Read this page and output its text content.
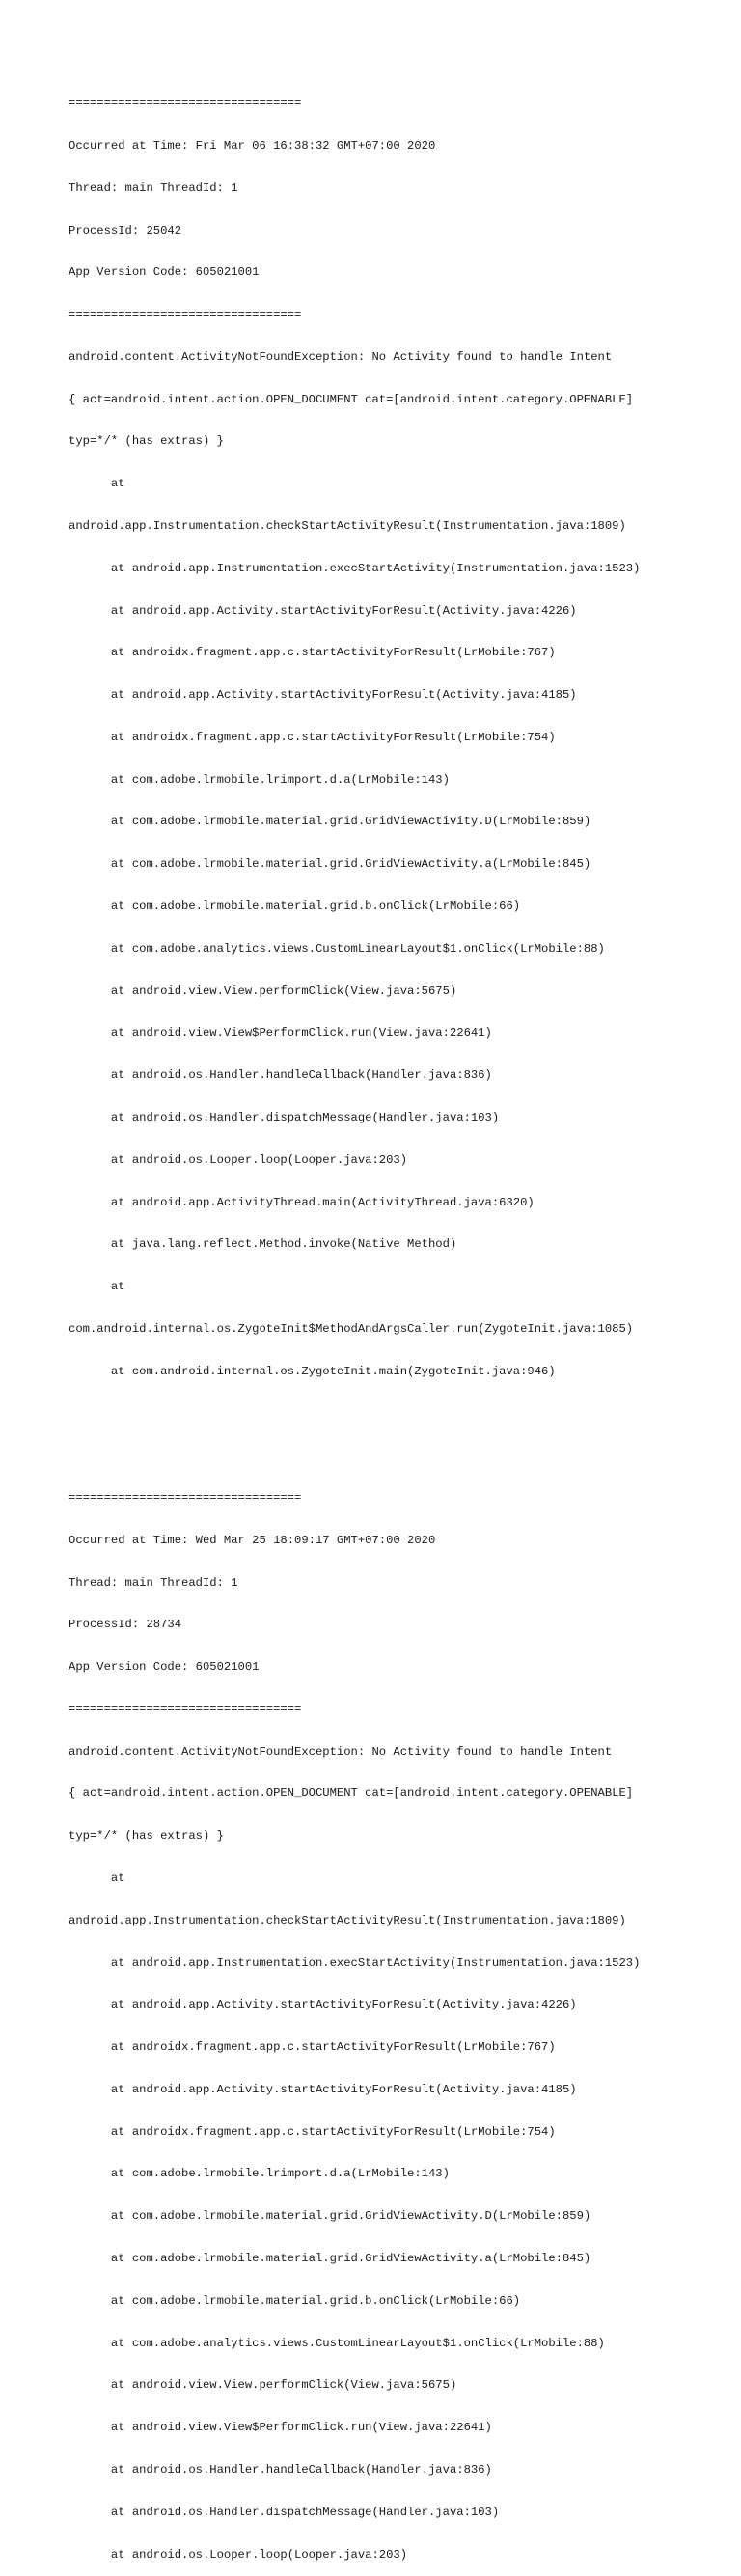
=================================

Occurred at Time: Fri Mar 06 16:38:32 GMT+07:00 2020

Thread: main ThreadId: 1

ProcessId: 25042

App Version Code: 605021001

=================================

android.content.ActivityNotFoundException: No Activity found to handle Intent

{ act=android.intent.action.OPEN_DOCUMENT cat=[android.intent.category.OPENABLE]

typ=*/* (has extras) }

at

android.app.Instrumentation.checkStartActivityResult(Instrumentation.java:1809)

at android.app.Instrumentation.execStartActivity(Instrumentation.java:1523)

at android.app.Activity.startActivityForResult(Activity.java:4226)

at androidx.fragment.app.c.startActivityForResult(LrMobile:767)

at android.app.Activity.startActivityForResult(Activity.java:4185)

at androidx.fragment.app.c.startActivityForResult(LrMobile:754)

at com.adobe.lrmobile.lrimport.d.a(LrMobile:143)

at com.adobe.lrmobile.material.grid.GridViewActivity.D(LrMobile:859)

at com.adobe.lrmobile.material.grid.GridViewActivity.a(LrMobile:845)

at com.adobe.lrmobile.material.grid.b.onClick(LrMobile:66)

at com.adobe.analytics.views.CustomLinearLayout$1.onClick(LrMobile:88)

at android.view.View.performClick(View.java:5675)

at android.view.View$PerformClick.run(View.java:22641)

at android.os.Handler.handleCallback(Handler.java:836)

at android.os.Handler.dispatchMessage(Handler.java:103)

at android.os.Looper.loop(Looper.java:203)

at android.app.ActivityThread.main(ActivityThread.java:6320)

at java.lang.reflect.Method.invoke(Native Method)

at

com.android.internal.os.ZygoteInit$MethodAndArgsCaller.run(ZygoteInit.java:1085)

at com.android.internal.os.ZygoteInit.main(ZygoteInit.java:946)

=================================

Occurred at Time: Wed Mar 25 18:09:17 GMT+07:00 2020

Thread: main ThreadId: 1

ProcessId: 28734

App Version Code: 605021001

=================================

android.content.ActivityNotFoundException: No Activity found to handle Intent

{ act=android.intent.action.OPEN_DOCUMENT cat=[android.intent.category.OPENABLE]

typ=*/* (has extras) }

at

android.app.Instrumentation.checkStartActivityResult(Instrumentation.java:1809)

at android.app.Instrumentation.execStartActivity(Instrumentation.java:1523)

at android.app.Activity.startActivityForResult(Activity.java:4226)

at androidx.fragment.app.c.startActivityForResult(LrMobile:767)

at android.app.Activity.startActivityForResult(Activity.java:4185)

at androidx.fragment.app.c.startActivityForResult(LrMobile:754)

at com.adobe.lrmobile.lrimport.d.a(LrMobile:143)

at com.adobe.lrmobile.material.grid.GridViewActivity.D(LrMobile:859)

at com.adobe.lrmobile.material.grid.GridViewActivity.a(LrMobile:845)

at com.adobe.lrmobile.material.grid.b.onClick(LrMobile:66)

at com.adobe.analytics.views.CustomLinearLayout$1.onClick(LrMobile:88)

at android.view.View.performClick(View.java:5675)

at android.view.View$PerformClick.run(View.java:22641)

at android.os.Handler.handleCallback(Handler.java:836)

at android.os.Handler.dispatchMessage(Handler.java:103)

at android.os.Looper.loop(Looper.java:203)
